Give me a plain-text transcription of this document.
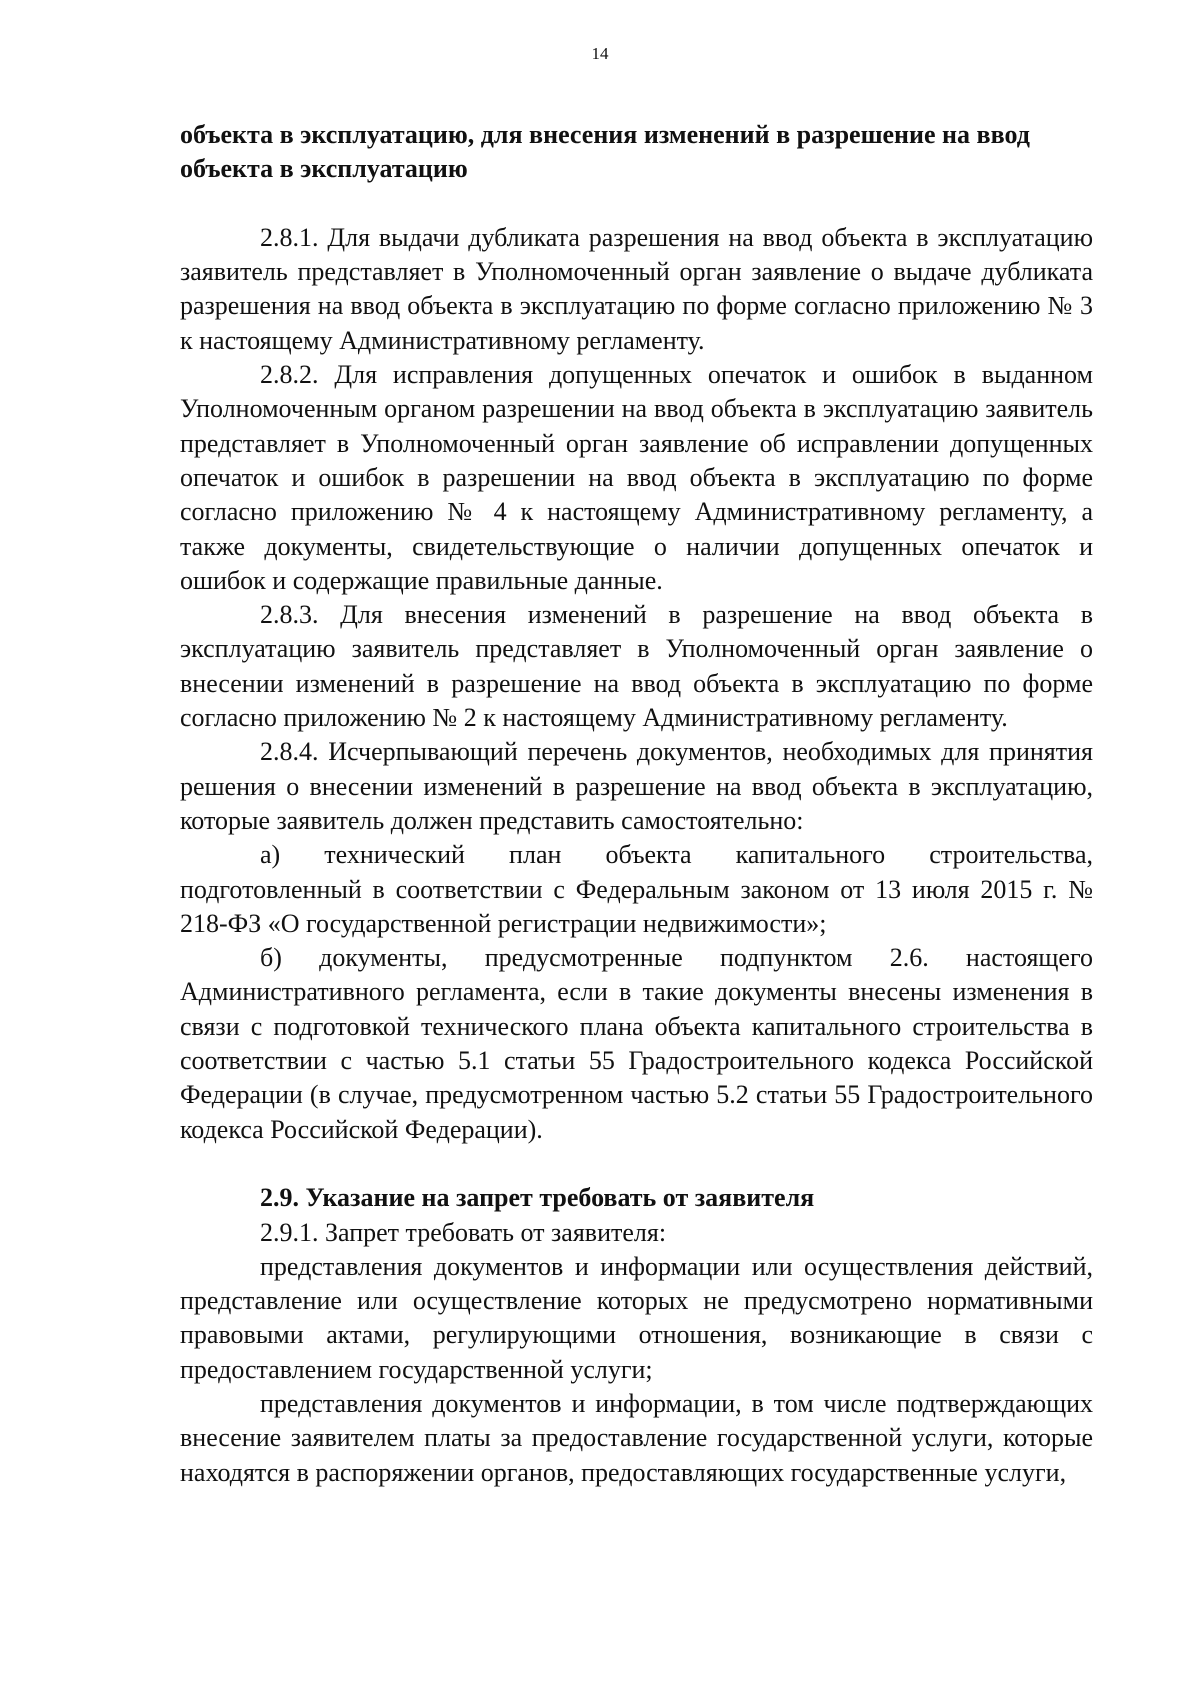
14

объекта в эксплуатацию, для внесения изменений в разрешение на ввод объекта в эксплуатацию

2.8.1. Для выдачи дубликата разрешения на ввод объекта в эксплуатацию заявитель представляет в Уполномоченный орган заявление о выдаче дубликата разрешения на ввод объекта в эксплуатацию по форме согласно приложению № 3 к настоящему Административному регламенту.

2.8.2. Для исправления допущенных опечаток и ошибок в выданном Уполномоченным органом разрешении на ввод объекта в эксплуатацию заявитель представляет в Уполномоченный орган заявление об исправлении допущенных опечаток и ошибок в разрешении на ввод объекта в эксплуатацию по форме согласно приложению № 4 к настоящему Административному регламенту, а также документы, свидетельствующие о наличии допущенных опечаток и ошибок и содержащие правильные данные.

2.8.3. Для внесения изменений в разрешение на ввод объекта в эксплуатацию заявитель представляет в Уполномоченный орган заявление о внесении изменений в разрешение на ввод объекта в эксплуатацию по форме согласно приложению № 2 к настоящему Административному регламенту.

2.8.4. Исчерпывающий перечень документов, необходимых для принятия решения о внесении изменений в разрешение на ввод объекта в эксплуатацию, которые заявитель должен представить самостоятельно:

а) технический план объекта капитального строительства, подготовленный в соответствии с Федеральным законом от 13 июля 2015 г. № 218-ФЗ «О государственной регистрации недвижимости»;

б) документы, предусмотренные подпунктом 2.6. настоящего Административного регламента, если в такие документы внесены изменения в связи с подготовкой технического плана объекта капитального строительства в соответствии с частью 5.1 статьи 55 Градостроительного кодекса Российской Федерации (в случае, предусмотренном частью 5.2 статьи 55 Градостроительного кодекса Российской Федерации).

2.9. Указание на запрет требовать от заявителя

2.9.1. Запрет требовать от заявителя:

представления документов и информации или осуществления действий, представление или осуществление которых не предусмотрено нормативными правовыми актами, регулирующими отношения, возникающие в связи с предоставлением государственной услуги;

представления документов и информации, в том числе подтверждающих внесение заявителем платы за предоставление государственной услуги, которые находятся в распоряжении органов, предоставляющих государственные услуги,
